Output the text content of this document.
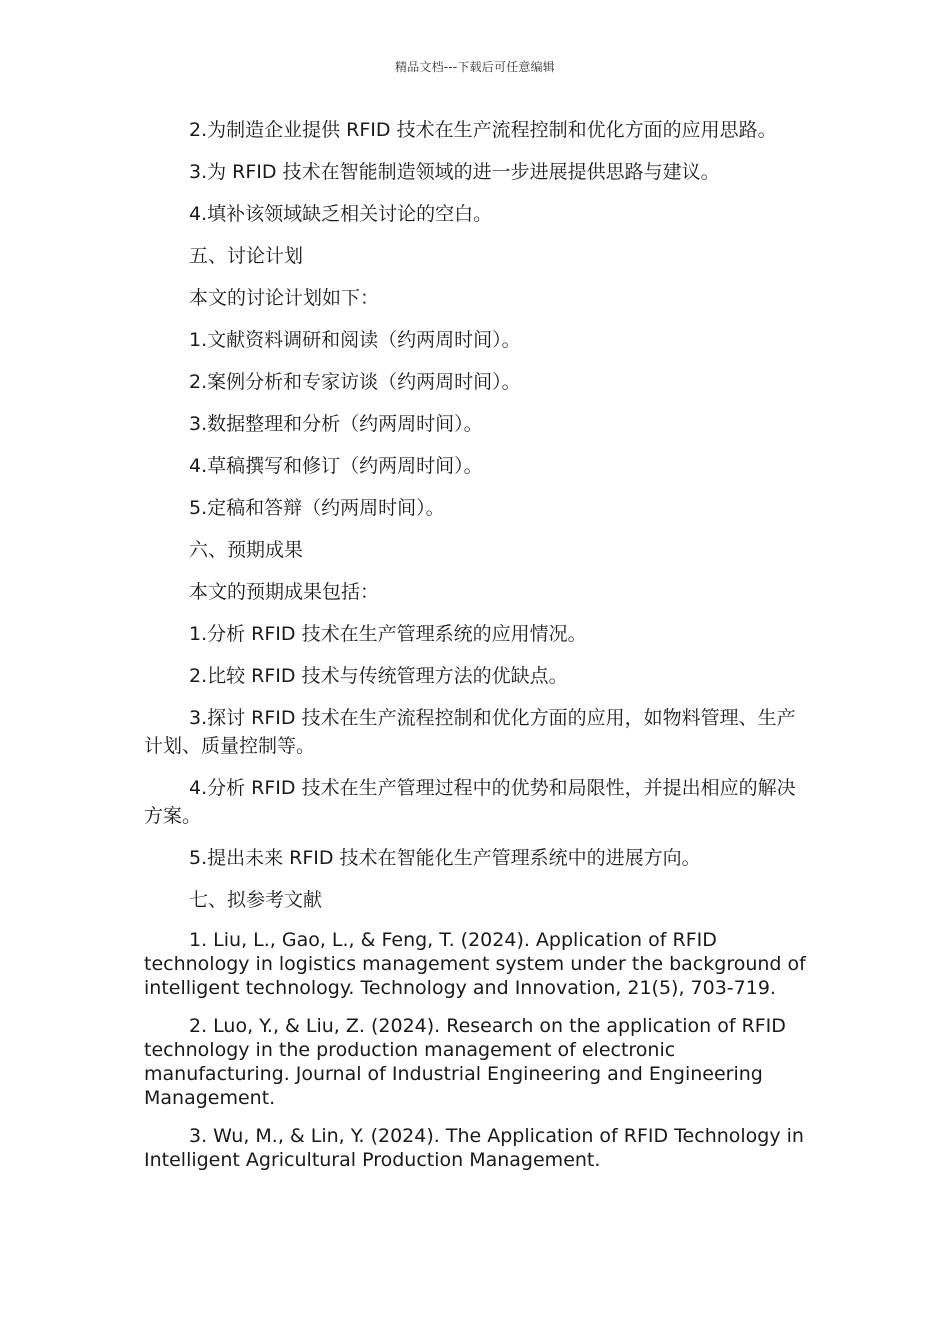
精品文档---下载后可任意编辑

2.为制造企业提供 RFID 技术在生产流程控制和优化方面的应用思路。

3.为 RFID 技术在智能制造领域的进一步进展提供思路与建议。

4.填补该领域缺乏相关讨论的空白。

五、讨论计划

本文的讨论计划如下：

1.文献资料调研和阅读（约两周时间）。

2.案例分析和专家访谈（约两周时间）。

3.数据整理和分析（约两周时间）。

4.草稿撰写和修订（约两周时间）。

5.定稿和答辩（约两周时间）。

六、预期成果

本文的预期成果包括：

1.分析 RFID 技术在生产管理系统的应用情况。

2.比较 RFID 技术与传统管理方法的优缺点。

3.探讨 RFID 技术在生产流程控制和优化方面的应用，如物料管理、生产计划、质量控制等。

4.分析 RFID 技术在生产管理过程中的优势和局限性，并提出相应的解决方案。

5.提出未来 RFID 技术在智能化生产管理系统中的进展方向。

七、拟参考文献

1. Liu, L., Gao, L., & Feng, T. (2024). Application of RFID technology in logistics management system under the background of intelligent technology. Technology and Innovation, 21(5), 703-719.

2. Luo, Y., & Liu, Z. (2024). Research on the application of RFID technology in the production management of electronic manufacturing. Journal of Industrial Engineering and Engineering Management.

3. Wu, M., & Lin, Y. (2024). The Application of RFID Technology in Intelligent Agricultural Production Management.
